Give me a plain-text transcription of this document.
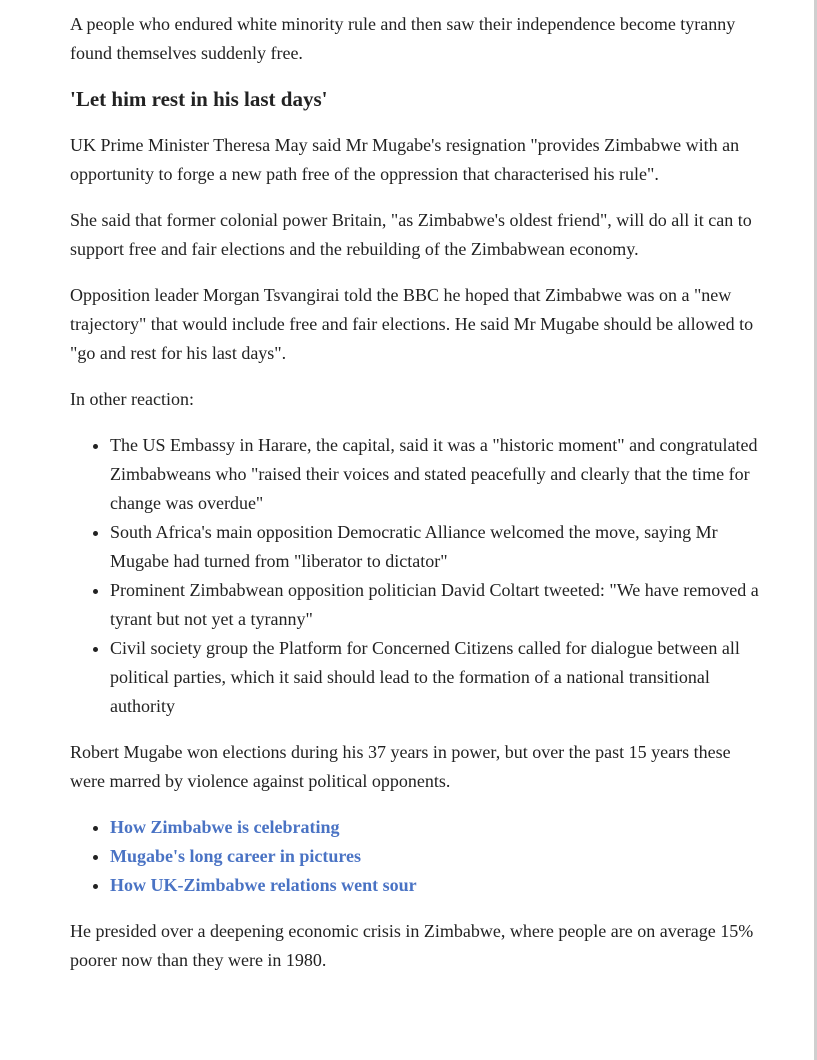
A people who endured white minority rule and then saw their independence become tyranny found themselves suddenly free.

'Let him rest in his last days'

UK Prime Minister Theresa May said Mr Mugabe's resignation "provides Zimbabwe with an opportunity to forge a new path free of the oppression that characterised his rule".

She said that former colonial power Britain, "as Zimbabwe's oldest friend", will do all it can to support free and fair elections and the rebuilding of the Zimbabwean economy.

Opposition leader Morgan Tsvangirai told the BBC he hoped that Zimbabwe was on a "new trajectory" that would include free and fair elections. He said Mr Mugabe should be allowed to "go and rest for his last days".

In other reaction:

• The US Embassy in Harare, the capital, said it was a "historic moment" and congratulated Zimbabweans who "raised their voices and stated peacefully and clearly that the time for change was overdue"
• South Africa's main opposition Democratic Alliance welcomed the move, saying Mr Mugabe had turned from "liberator to dictator"
• Prominent Zimbabwean opposition politician David Coltart tweeted: "We have removed a tyrant but not yet a tyranny"
• Civil society group the Platform for Concerned Citizens called for dialogue between all political parties, which it said should lead to the formation of a national transitional authority

Robert Mugabe won elections during his 37 years in power, but over the past 15 years these were marred by violence against political opponents.

• How Zimbabwe is celebrating
• Mugabe's long career in pictures
• How UK-Zimbabwe relations went sour

He presided over a deepening economic crisis in Zimbabwe, where people are on average 15% poorer now than they were in 1980.
